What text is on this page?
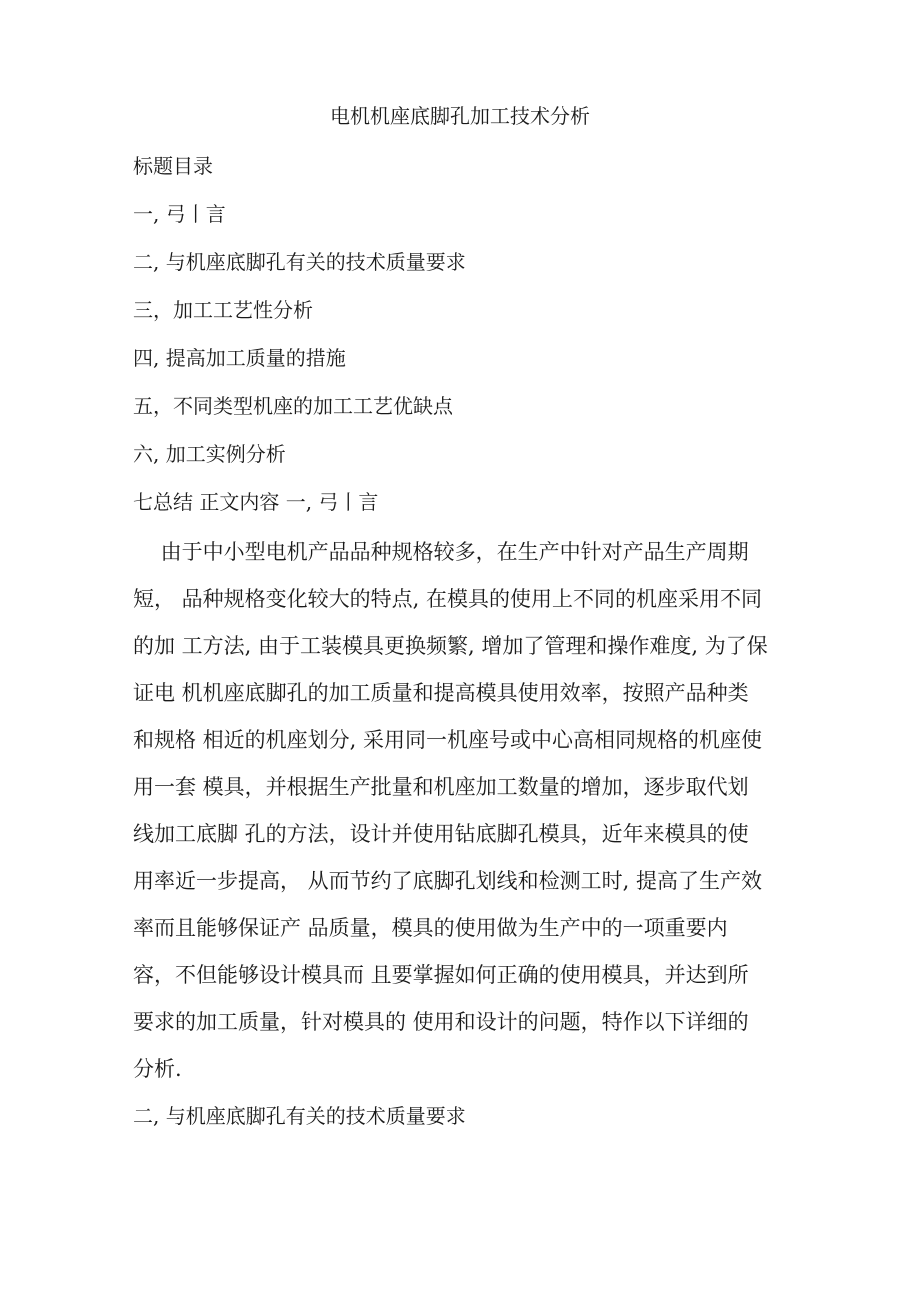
电机机座底脚孔加工技术分析
标题目录
一, 弓丨言
二, 与机座底脚孔有关的技术质量要求
三，加工工艺性分析
四, 提高加工质量的措施
五，不同类型机座的加工工艺优缺点
六, 加工实例分析
七总结 正文内容 一, 弓丨言
　 由于中小型电机产品品种规格较多，在生产中针对产品生产周期
短， 品种规格变化较大的特点, 在模具的使用上不同的机座采用不同
的加 工方法, 由于工装模具更换频繁, 增加了管理和操作难度, 为了保
证电 机机座底脚孔的加工质量和提高模具使用效率，按照产品种类
和规格 相近的机座划分, 采用同一机座号或中心高相同规格的机座使
用一套 模具，并根据生产批量和机座加工数量的增加，逐步取代划
线加工底脚 孔的方法，设计并使用钻底脚孔模具，近年来模具的使
用率近一步提高， 从而节约了底脚孔划线和检测工时, 提高了生产效
率而且能够保证产 品质量，模具的使用做为生产中的一项重要内
容，不但能够设计模具而 且要掌握如何正确的使用模具，并达到所
要求的加工质量，针对模具的 使用和设计的问题，特作以下详细的
分析.
二, 与机座底脚孔有关的技术质量要求
